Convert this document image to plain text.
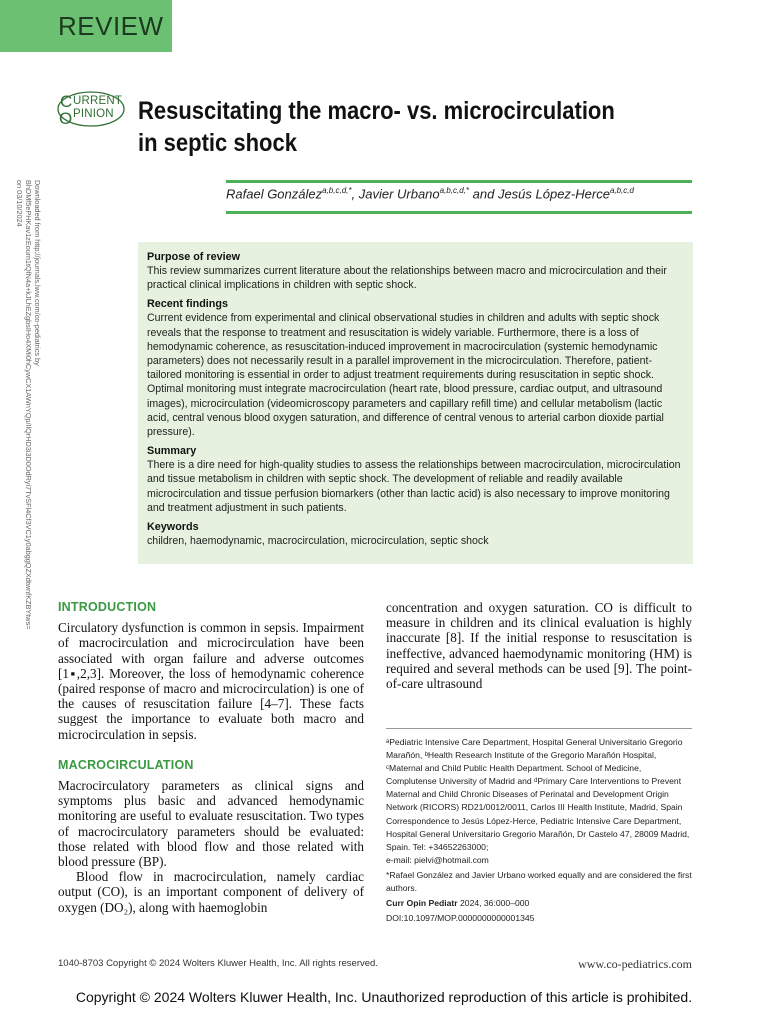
REVIEW
C
O
URRENT
PINION Resuscitating the macro- vs. microcirculation in septic shock
Rafael González$^{a,b,c,d,*}$, Javier Urbano$^{a,b,c,d,*}$ and Jesús López-Herce$^{a,b,c,d}$
Downloaded from http://journals.lww.com/co-pediatrics by BhDMf5ePHKav1zEoum1tQfN4a+kJLhEZgbsIHo4XMi0hCywCX1AWnYQp/IlQrHD3i3D0OdRyi7TvSFl4Cf3VC1y0abggQZXdtwnfKZBYtws= on 03/10/2024
Purpose of review

This review summarizes current literature about the relationships between macro and microcirculation and their practical clinical implications in children with septic shock.

Recent findings

Current evidence from experimental and clinical observational studies in children and adults with septic shock reveals that the response to treatment and resuscitation is widely variable. Furthermore, there is a loss of hemodynamic coherence, as resuscitation-induced improvement in macrocirculation (systemic hemodynamic parameters) does not necessarily result in a parallel improvement in the microcirculation. Therefore, patient-tailored monitoring is essential in order to adjust treatment requirements during resuscitation in septic shock. Optimal monitoring must integrate macrocirculation (heart rate, blood pressure, cardiac output, and ultrasound images), microcirculation (videomicroscopy parameters and capillary refill time) and cellular metabolism (lactic acid, central venous blood oxygen saturation, and difference of central venous to arterial carbon dioxide partial pressure).

Summary

There is a dire need for high-quality studies to assess the relationships between macrocirculation, microcirculation and tissue metabolism in children with septic shock. The development of reliable and readily available microcirculation and tissue perfusion biomarkers (other than lactic acid) is also necessary to improve monitoring and treatment adjustment in such patients.

Keywords

children, haemodynamic, macrocirculation, microcirculation, septic shock

INTRODUCTION

Circulatory dysfunction is common in sepsis. Impairment of macrocirculation and microcirculation have been associated with organ failure and adverse outcomes [1▪,2,3]. Moreover, the loss of hemodynamic coherence (paired response of macro and microcirculation) is one of the causes of resuscitation failure [4–7]. These facts suggest the importance to evaluate both macro and microcirculation in sepsis.

MACROCIRCULATION

Macrocirculatory parameters as clinical signs and symptoms plus basic and advanced hemodynamic monitoring are useful to evaluate resuscitation. Two types of macrocirculatory parameters should be evaluated: those related with blood flow and those related with blood pressure (BP).

Blood flow in macrocirculation, namely cardiac output (CO), is an important component of delivery of oxygen (DO₂), along with haemoglobin

concentration and oxygen saturation. CO is difficult to measure in children and its clinical evaluation is highly inaccurate [8]. If the initial response to resuscitation is ineffective, advanced haemodynamic monitoring (HM) is required and several methods can be used [9]. The point-of-care ultrasound

ᵃPediatric Intensive Care Department, Hospital General Universitario Gregorio Marañón, ᵇHealth Research Institute of the Gregorio Marañón Hospital, ᶜMaternal and Child Public Health Department. School of Medicine, Complutense University of Madrid and ᵈPrimary Care Interventions to Prevent Maternal and Child Chronic Diseases of Perinatal and Development Origin Network (RICORS) RD21/0012/0011, Carlos III Health Institute, Madrid, Spain

Correspondence to Jesús López-Herce, Pediatric Intensive Care Department, Hospital General Universitario Gregorio Marañón, Dr Castelo 47, 28009 Madrid, Spain. Tel: +34652263000;

e-mail: pielvi@hotmail.com

*Rafael González and Javier Urbano worked equally and are considered the first authors.

Curr Opin Pediatr 2024, 36:000–000

DOI:10.1097/MOP.0000000000001345

1040-8703 Copyright © 2024 Wolters Kluwer Health, Inc. All rights reserved.	www.co-pediatrics.com
Copyright © 2024 Wolters Kluwer Health, Inc. Unauthorized reproduction of this article is prohibited.
